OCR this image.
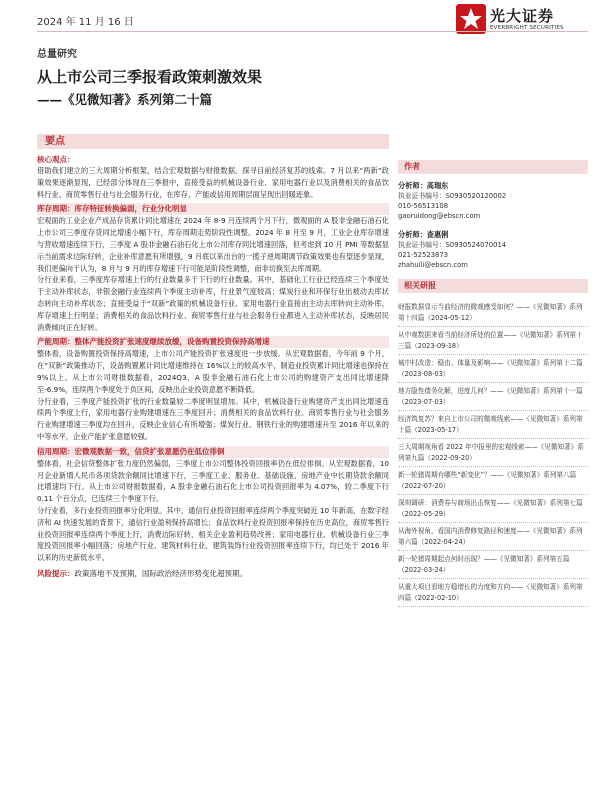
2024 年 11 月 16 日	光大证券
EVERBRIGHT SECURITIES
总量研究
从上市公司三季报看政策刺激效果
——《见微知著》系列第二十篇
要点
核心观点：

借助我们建立的三大周期分析框架，结合宏观数据与财报数据，探寻目前经济复苏的线索。7 月以来“两新”政策效果逐渐显现，已经部分体现在三季报中，直接受益的机械设备行业、家用电器行业以及消费相关的食品饮料行业、商贸零售行业与社会服务行业，在库存、产能或信用周期层面呈现出回暖迹象。

库存周期：库存特征转换偏弱，行业分化明显

宏观面的工业企业产成品存货累计同比增速在 2024 年 8-9 月连续两个月下行，微观面的 A 股非金融石油石化上市公司三季度存货同比增速小幅下行，库存周期走势阶段性调整。2024 年 8 月至 9 月，工业企业库存增速与营收增速连续下行，三季度 A 股非金融石油石化上市公司库存同比增速回落，但考虑到 10 月 PMI 等数据显示当前需求边际好转，企业补库意愿有所增强，9 月底以来出台的一揽子逆周期调节政策效果也有望逐步显现，我们更偏向于认为，8 月与 9 月的库存增速下行可能是阶段性调整，而非切换至去库周期。

分行业来看，三季度库存增速上行的行业数量多于下行的行业数量。其中，基础化工行业已经连续三个季度处于主动补库状态，非银金融行业连续两个季度主动补库，行业景气度较高；煤炭行业和环保行业出被动去库状态转向主动补库状态；直接受益于“双新”政策的机械设备行业、家用电器行业直接由主动去库转向主动补库，库存增速上行明显；消费相关的食品饮料行业、商贸零售行业与社会服务行业都进入主动补库状态，反映居民消费倾向正在好转。

产能周期：整体产能投资扩张速度继续放缓，设备购置投资保持高增速

整体看，设备购置投资保持高增速，上市公司产能投资扩张速度进一步放缓。从宏观数据看，今年前 9 个月，在“双新”政策推动下，设备购置累计同比增速维持在 16%以上的较高水平，制造业投资累计同比增速也保持在 9%以上。从上市公司财报数据看，2024Q3，A 股非金融石油石化上市公司的购建资产支出同比增速降至-6.9%，连续两个季度处于负区间，反映出企业投资意愿不断降低。

分行业看，三季度产能投资扩张的行业数量较二季度明显增加。其中，机械设备行业购建资产支出同比增速连续两个季度上行，家用电器行业购建增速在三季度回升；消费相关的食品饮料行业、商贸零售行业与社会服务行业购建增速三季度均在回升，反映企业信心有所增强；煤炭行业、钢铁行业的购建增速升至 2016 年以来的中等水平，企业产能扩张意愿较强。

信用周期：宏微观数据一致，信贷扩张意愿仍在低位徘徊

整体看，社会信贷整体扩张力度仍然偏弱，三季度上市公司整体投资回报率仍在低位徘徊。从宏观数据看，10 月企业新增人民币各项贷款余额同比增速下行，三季度工业、服务业、基础设施、房地产业中长期贷款余额同比增速均下行。从上市公司财报数据看，A 股非金融石油石化上市公司投资回报率为 4.07%，较二季度下行 0.11 个百分点，已连续三个季度下行。

分行业看，多行业投资回报率分化明显。其中，通信行业投资回报率连续两个季度突破近 10 年新高，在数字经济和 AI 快速发展的背景下，通信行业盈利保持高增长；食品饮料行业投资回报率保持在历史高位，商贸零售行业投资回报率连续两个季度上行，消费边际好转，相关企业盈利趋势改善；家用电器行业、机械设备行业三季度投资回报率小幅回落；房地产行业、建筑材料行业、建筑装饰行业投资回报率连续下行，均已处于 2016 年以来的历史新低水平。

风险提示：政策落地不及预期，国际政治经济形势变化超预期。
作者
分析师：高瑞东
执业证书编号：S0930520120002
010-56513108
gaoruidong@ebscn.com
分析师：查惠俐
执业证书编号：S0930524070014
021-52523873
zhahuili@ebscn.com
相关研报
财报数据显示当前经济的微观感受如何？——《见微知著》系列第十四篇（2024-05-12）
从中观数据来看当前经济所处的位置——《见微知著》系列第十三篇（2023-09-18）
城中村改造：稳由、体量及影响——《见微知著》系列第十二篇（2023-08-03）
地方隐性债务化解，进度几何？——《见微知著》系列第十一篇（2023-07-03）
经济筑复苏？来自上市公司的微观线索——《见微知著》系列第十篇（2023-05-17）
三大周期视角看 2022 年中报里的宏观线索——《见微知著》系列第九篇（2022-09-20）
新一轮猪周期有哪些“新变化”？——《见微知著》系列第八篇（2022-07-20）
深圳调研：消费券与商场出击恢复——《见微知著》系列第七篇（2022-05-29）
从海外视角，看国内消费修复路径和速度——《见微知著》系列第六篇（2022-04-24）
新一轮猪周期起点何时出现？——《见微知著》系列第五篇（2022-03-24）
从重大项目看地方稳增长的力度和方向——《见微知著》系列第四篇（2022-02-10）
